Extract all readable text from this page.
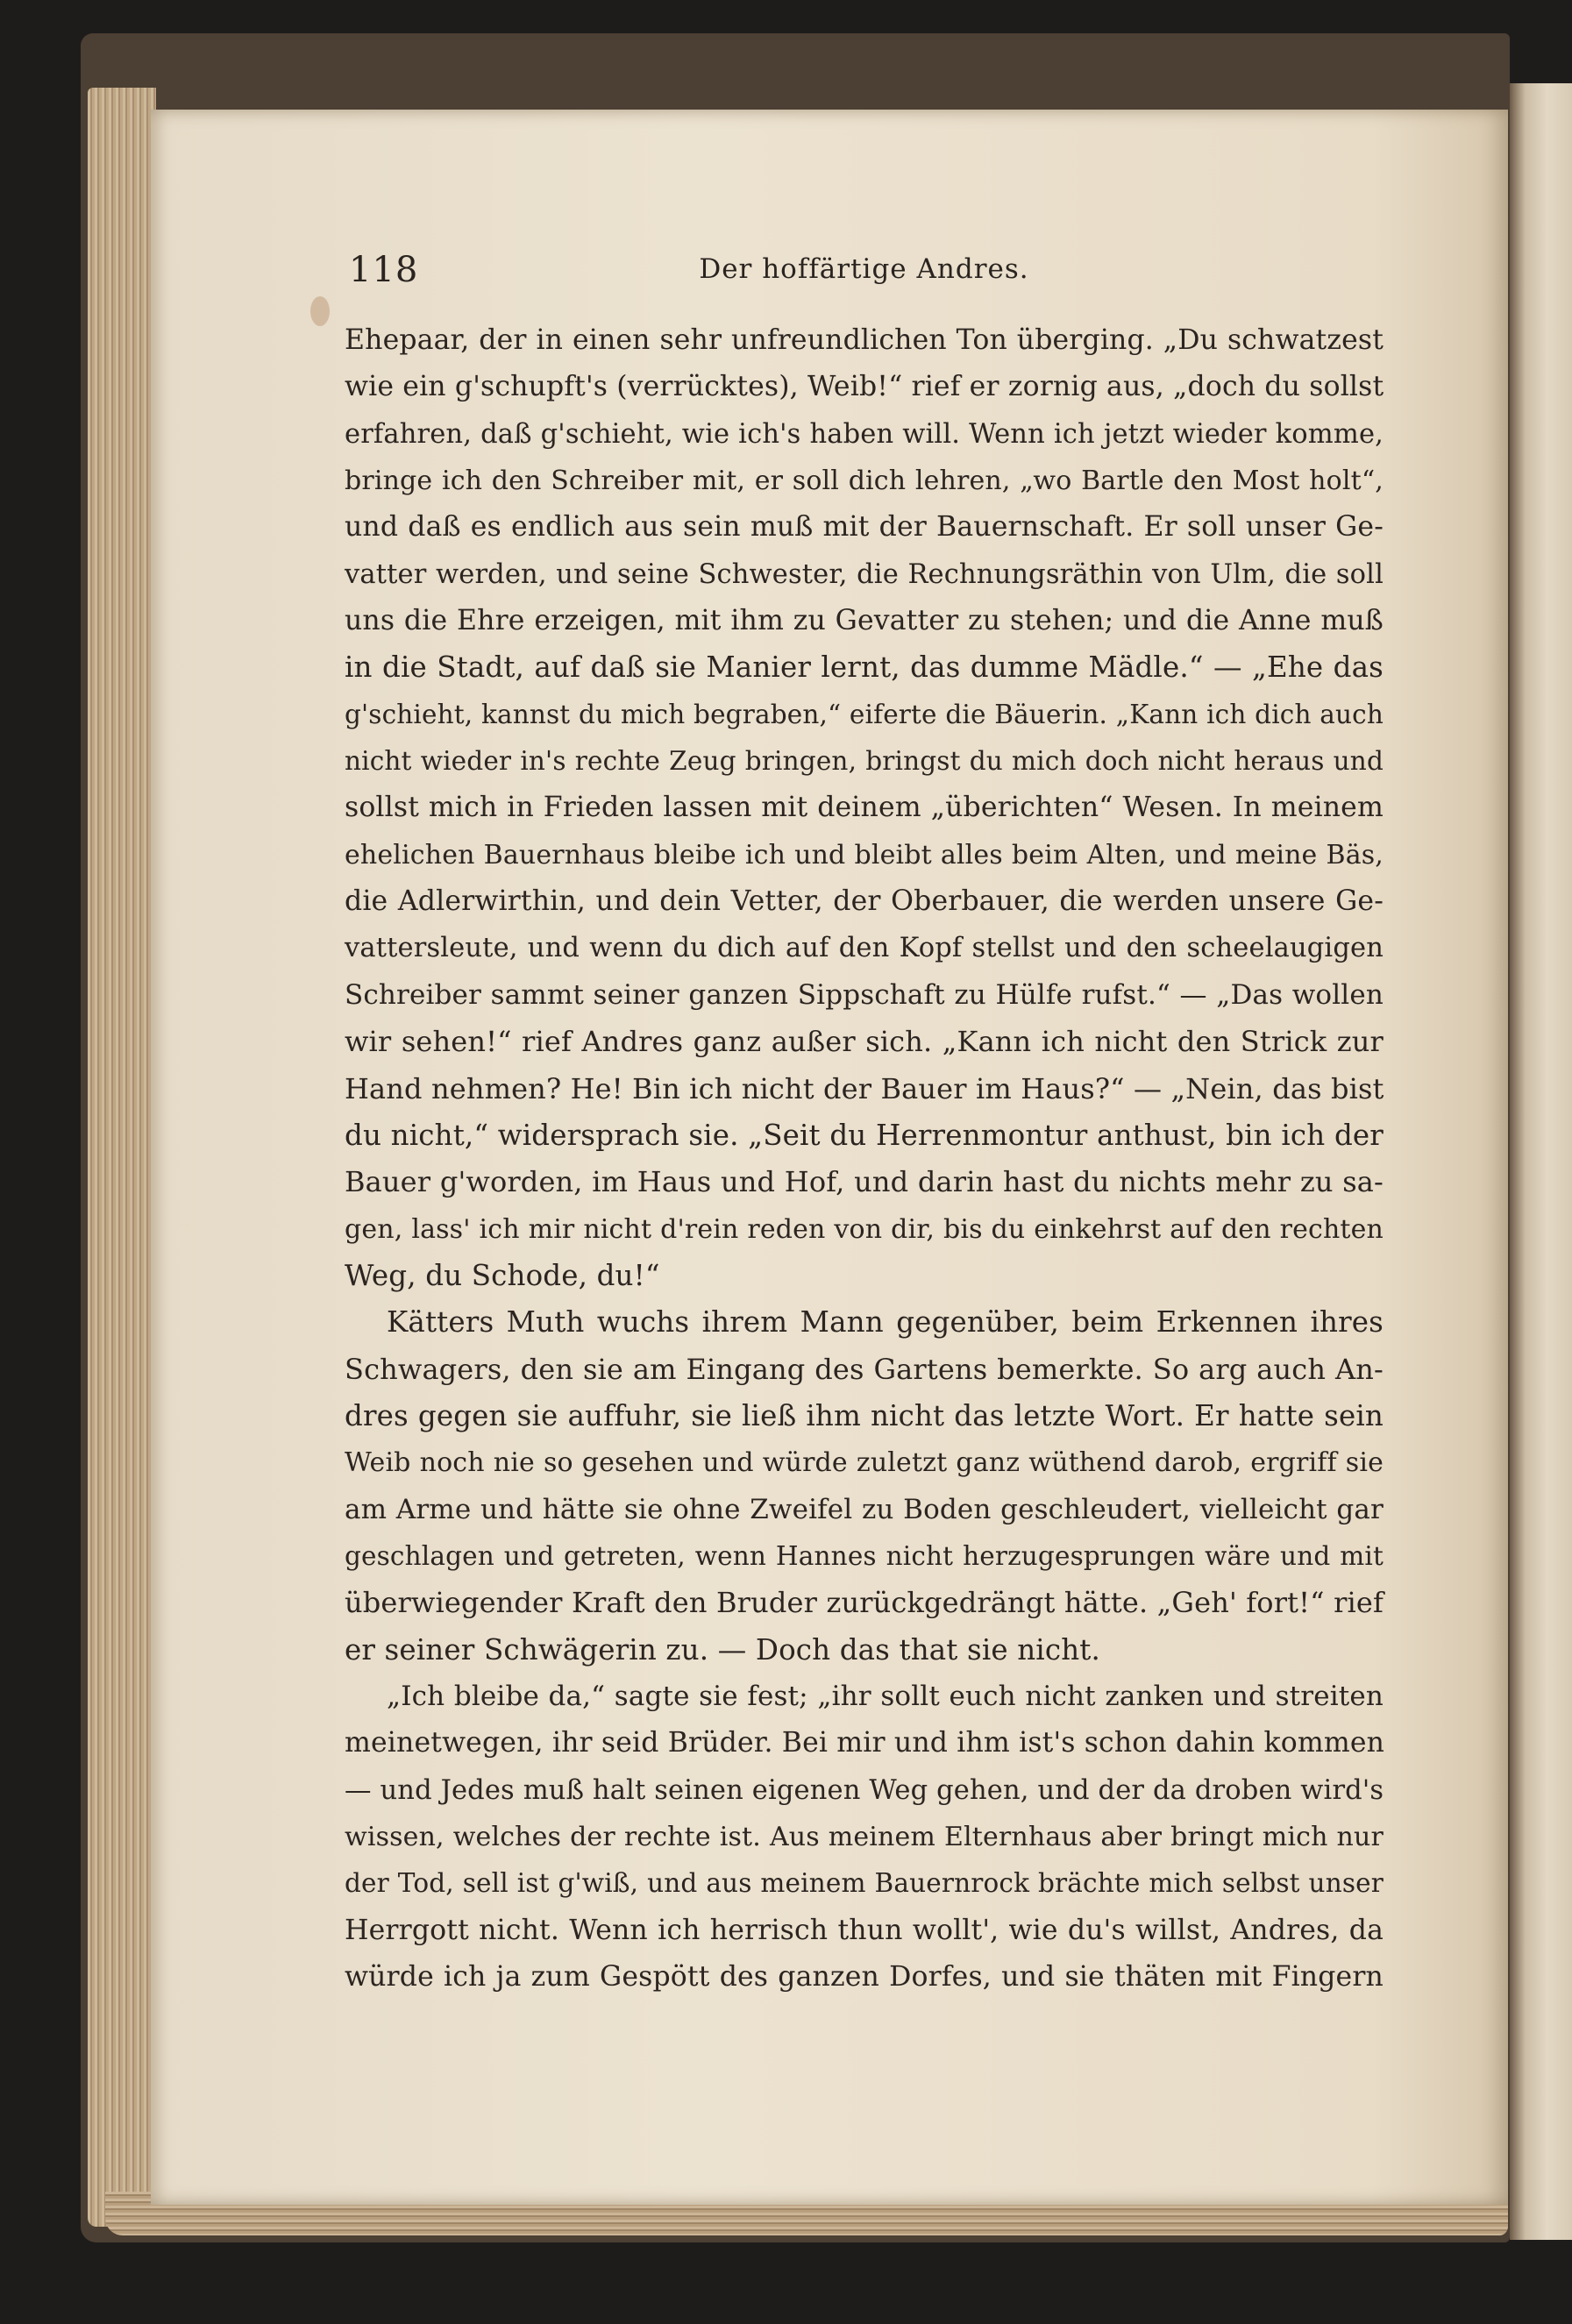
118	Der hoffärtige Andres.
Ehepaar, der in einen sehr unfreundlichen Ton überging. „Du schwatzest
wie ein g'schupft's (verrücktes), Weib!“ rief er zornig aus, „doch du sollst
erfahren, daß g'schieht, wie ich's haben will. Wenn ich jetzt wieder komme,
bringe ich den Schreiber mit, er soll dich lehren, „wo Bartle den Most holt“,
und daß es endlich aus sein muß mit der Bauernschaft. Er soll unser Ge-
vatter werden, und seine Schwester, die Rechnungsräthin von Ulm, die soll
uns die Ehre erzeigen, mit ihm zu Gevatter zu stehen; und die Anne muß
in die Stadt, auf daß sie Manier lernt, das dumme Mädle.“ — „Ehe das
g'schieht, kannst du mich begraben,“ eiferte die Bäuerin. „Kann ich dich auch
nicht wieder in's rechte Zeug bringen, bringst du mich doch nicht heraus und
sollst mich in Frieden lassen mit deinem „überichten“ Wesen. In meinem
ehelichen Bauernhaus bleibe ich und bleibt alles beim Alten, und meine Bäs,
die Adlerwirthin, und dein Vetter, der Oberbauer, die werden unsere Ge-
vattersleute, und wenn du dich auf den Kopf stellst und den scheelaugigen
Schreiber sammt seiner ganzen Sippschaft zu Hülfe rufst.“ — „Das wollen
wir sehen!“ rief Andres ganz außer sich. „Kann ich nicht den Strick zur
Hand nehmen? He! Bin ich nicht der Bauer im Haus?“ — „Nein, das bist
du nicht,“ widersprach sie. „Seit du Herrenmontur anthust, bin ich der
Bauer g'worden, im Haus und Hof, und darin hast du nichts mehr zu sa-
gen, lass' ich mir nicht d'rein reden von dir, bis du einkehrst auf den rechten
Weg, du Schode, du!“
Kätters Muth wuchs ihrem Mann gegenüber, beim Erkennen ihres
Schwagers, den sie am Eingang des Gartens bemerkte. So arg auch An-
dres gegen sie auffuhr, sie ließ ihm nicht das letzte Wort. Er hatte sein
Weib noch nie so gesehen und würde zuletzt ganz wüthend darob, ergriff sie
am Arme und hätte sie ohne Zweifel zu Boden geschleudert, vielleicht gar
geschlagen und getreten, wenn Hannes nicht herzugesprungen wäre und mit
überwiegender Kraft den Bruder zurückgedrängt hätte. „Geh' fort!“ rief
er seiner Schwägerin zu. — Doch das that sie nicht.
„Ich bleibe da,“ sagte sie fest; „ihr sollt euch nicht zanken und streiten
meinetwegen, ihr seid Brüder. Bei mir und ihm ist's schon dahin kommen
— und Jedes muß halt seinen eigenen Weg gehen, und der da droben wird's
wissen, welches der rechte ist. Aus meinem Elternhaus aber bringt mich nur
der Tod, sell ist g'wiß, und aus meinem Bauernrock brächte mich selbst unser
Herrgott nicht. Wenn ich herrisch thun wollt', wie du's willst, Andres, da
würde ich ja zum Gespött des ganzen Dorfes, und sie thäten mit Fingern
